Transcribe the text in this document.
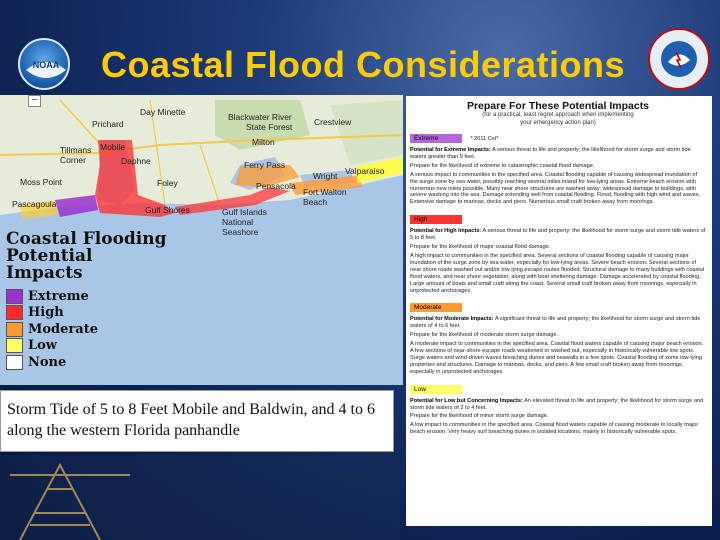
NOAA	Coastal Flood Considerations
−
Day Minette
Prichard
Blackwater River
State Forest	Crestview
Tillmans Corner
Mobile
Daphne
Milton
Ferry Pass
Wright Valparaiso
Moss Point	Foley	Pensacola
Fort Walton Beach
Pascagoula
Gulf Shores	Gulf Islands National Seashore
Coastal Flooding
Potential
Impacts
Extreme
High
Moderate
Low
None
Storm Tide of 5 to 8 Feet Mobile and Baldwin, and 4 to 6 along the western Florida panhandle
Prepare For These Potential Impacts
(for a practical, least regret approach when implementing
your emergency action plan)
Extreme	* 2011 Cst*
Potential for Extreme Impacts: A serious threat to life and property; the likelihood for storm surge and storm tide waters greater than 9 feet.
Prepare for the likelihood of extreme to catastrophic coastal flood damage.
A serious impact to communities in the specified area. Coastal flooding capable of causing widespread inundation of the surge zone by sea water, possibly reaching several miles inland for low-lying areas. Extreme beach erosion with numerous new inlets possible. Many near shore structures are washed away; widespread damage to buildings, with severe washing into the sea. Damage extending well from coastal flooding. Flood, flooding with high wind and waves. Extensive damage to marinas, docks and piers. Numerous small craft broken away from moorings.
High
Potential for High Impacts: A serious threat to life and property; the likelihood for storm surge and storm tide waters of 5 to 8 feet.
Prepare for the likelihood of major coastal flood damage.
A high impact to communities in the specified area. Several sections of coastal flooding capable of causing major inundation of the surge zone by sea water, especially for low-lying areas. Severe beach erosion. Several sections of near shore roads washed out and/or low lying escape routes flooded. Structural damage to many buildings with coastal flood waters, and near shore vegetation, along with boat sheltering damage. Damage accelerated by coastal flooding. Large amount of boats and small craft along the coast. Several small craft broken away from moorings, especially in unprotected anchorages.
Moderate
Potential for Moderate Impacts: A significant threat to life and property; the likelihood for storm surge and storm tide waters of 4 to 6 feet.
Prepare for the likelihood of moderate storm surge damage.
A moderate impact to communities in the specified area. Coastal flood waters capable of causing major beach erosion. A few sections of near-shore escape roads weakened or washed out, especially in historically vulnerable low spots. Surge waters and wind-driven waves breaching dunes and seawalls in a few spots. Coastal flooding of some low-lying properties and structures. Damage to marinas, docks, and piers. A few small craft broken away from moorings, especially in unprotected anchorages.
Low
Potential for Low but Concerning Impacts: An elevated threat to life and property; the likelihood for storm surge and storm tide waters of 2 to 4 feet.
Prepare for the likelihood of minor storm surge damage.
A low impact to communities in the specified area. Coastal flood waters capable of causing moderate to locally major beach erosion. Very heavy surf breaching dunes in isolated locations, mainly in historically vulnerable spots.
